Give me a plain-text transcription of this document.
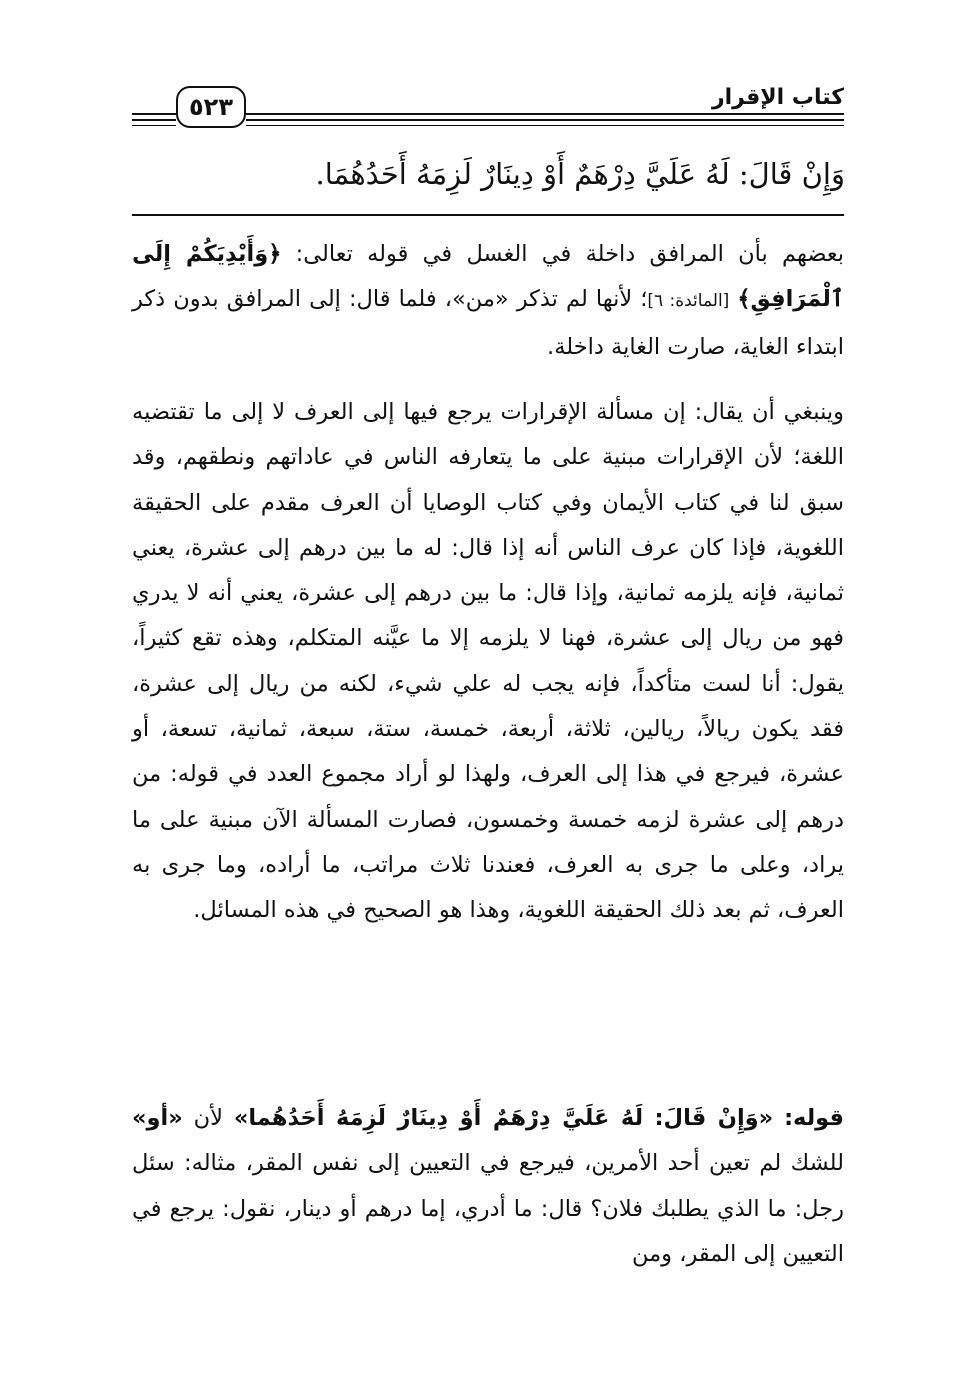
٥٢٣	كتاب الإقرار
وَإِنْ قَالَ: لَهُ عَلَيَّ دِرْهَمٌ أَوْ دِينَارٌ لَزِمَهُ أَحَدُهُمَا.
بعضهم بأن المرافق داخلة في الغسل في قوله تعالى: ﴿وَأَيْدِيَكُمْ إِلَى ٱلْمَرَافِقِ﴾ [المائدة: ٦]؛ لأنها لم تذكر «من»، فلما قال: إلى المرافق بدون ذكر ابتداء الغاية، صارت الغاية داخلة.
وينبغي أن يقال: إن مسألة الإقرارات يرجع فيها إلى العرف لا إلى ما تقتضيه اللغة؛ لأن الإقرارات مبنية على ما يتعارفه الناس في عاداتهم ونطقهم، وقد سبق لنا في كتاب الأيمان وفي كتاب الوصايا أن العرف مقدم على الحقيقة اللغوية، فإذا كان عرف الناس أنه إذا قال: له ما بين درهم إلى عشرة، يعني ثمانية، فإنه يلزمه ثمانية، وإذا قال: ما بين درهم إلى عشرة، يعني أنه لا يدري فهو من ريال إلى عشرة، فهنا لا يلزمه إلا ما عيَّنه المتكلم، وهذه تقع كثيراً، يقول: أنا لست متأكداً، فإنه يجب له علي شيء، لكنه من ريال إلى عشرة، فقد يكون ريالاً، ريالين، ثلاثة، أربعة، خمسة، ستة، سبعة، ثمانية، تسعة، أو عشرة، فيرجع في هذا إلى العرف، ولهذا لو أراد مجموع العدد في قوله: من درهم إلى عشرة لزمه خمسة وخمسون، فصارت المسألة الآن مبنية على ما يراد، وعلى ما جرى به العرف، فعندنا ثلاث مراتب، ما أراده، وما جرى به العرف، ثم بعد ذلك الحقيقة اللغوية، وهذا هو الصحيح في هذه المسائل.
قوله: «وَإِنْ قَالَ: لَهُ عَلَيَّ دِرْهَمٌ أَوْ دِينَارٌ لَزِمَهُ أَحَدُهُما» لأن «أو» للشك لم تعين أحد الأمرين، فيرجع في التعيين إلى نفس المقر، مثاله: سئل رجل: ما الذي يطلبك فلان؟ قال: ما أدري، إما درهم أو دينار، نقول: يرجع في التعيين إلى المقر، ومن
